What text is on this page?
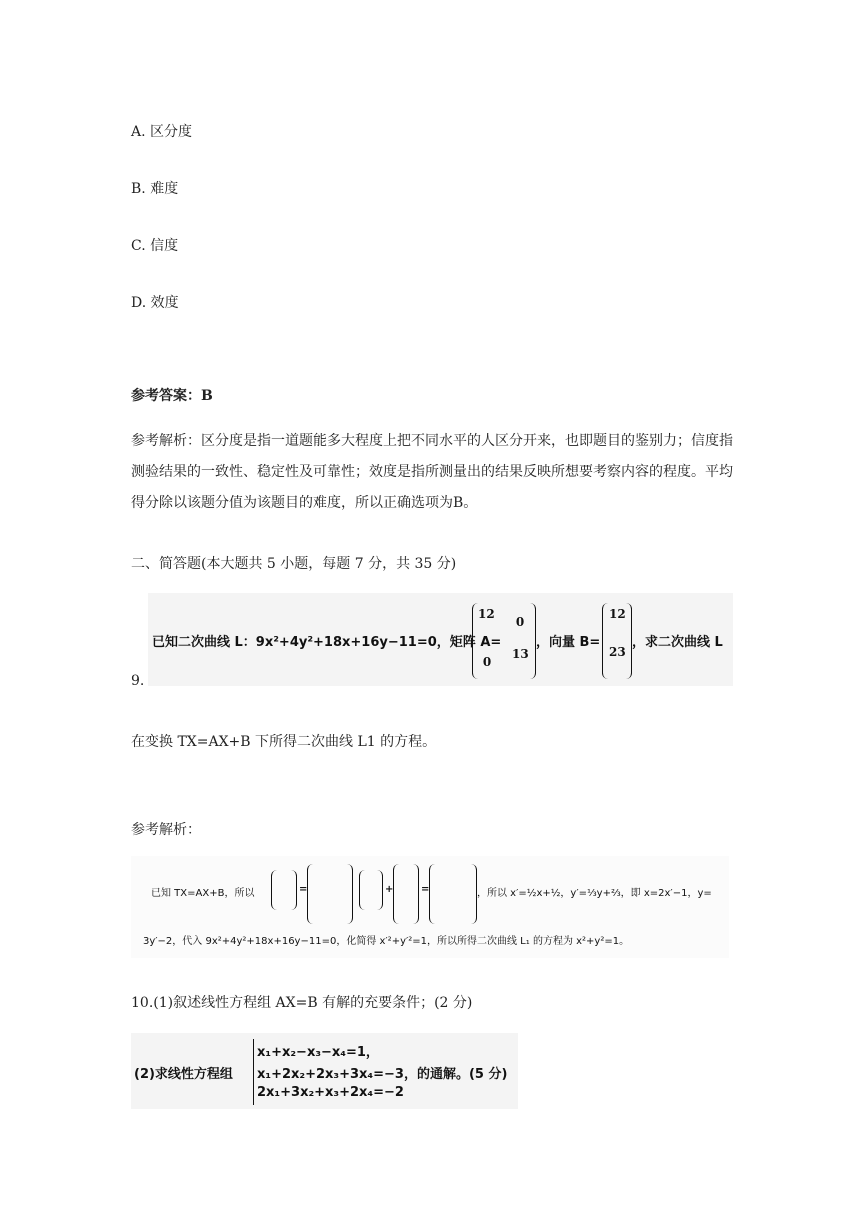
A. 区分度
B. 难度
C. 信度
D. 效度
参考答案：B
参考解析：区分度是指一道题能多大程度上把不同水平的人区分开来，也即题目的鉴别力；信度指测验结果的一致性、稳定性及可靠性；效度是指所测量出的结果反映所想要考察内容的程度。平均得分除以该题分值为该题目的难度，所以正确选项为B。
二、简答题(本大题共 5 小题，每题 7 分，共 35 分)
9.
已知二次曲线 L：9x²+4y²+18x+16y−11=0，矩阵 A=
1
2
0
0
1
3
，向量 B=
1
2
2
3
，求二次曲线 L
在变换 TX=AX+B 下所得二次曲线 L1 的方程。
参考解析：
已知 TX=AX+B，所以	=	+	=	，所以 x′=½x+½，y′=⅓y+⅔，即 x=2x′−1，y=
3y′−2，代入 9x²+4y²+18x+16y−11=0，化简得 x′²+y′²=1，所以所得二次曲线 L₁ 的方程为 x²+y²=1。
10.(1)叙述线性方程组 AX=B 有解的充要条件；(2 分)
(2)求线性方程组
x₁+x₂−x₃−x₄=1，
x₁+2x₂+2x₃+3x₄=−3，的通解。(5 分)
2x₁+3x₂+x₃+2x₄=−2
